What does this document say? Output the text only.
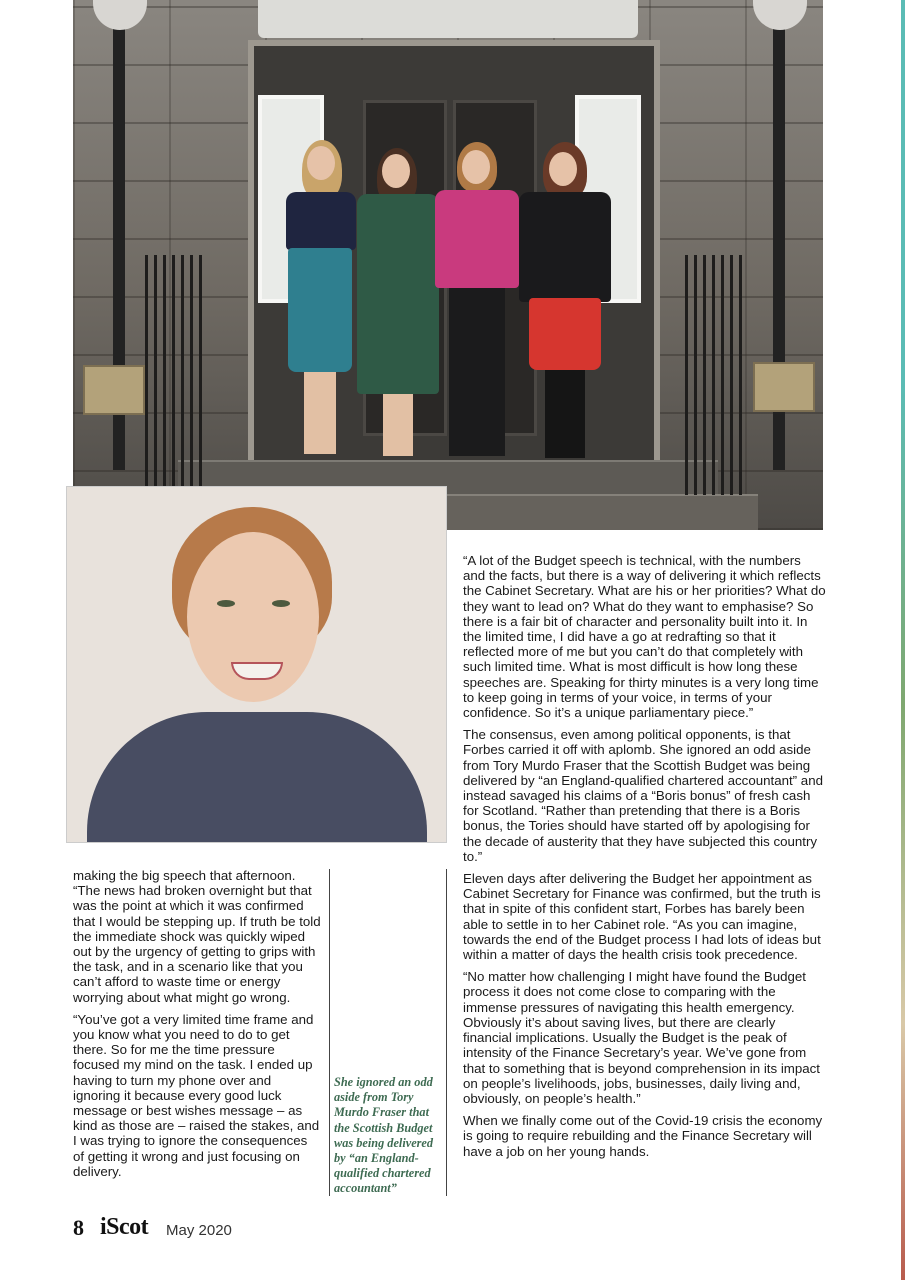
making the big speech that afternoon. “The news had broken overnight but that was the point at which it was confirmed that I would be stepping up. If truth be told the immediate shock was quickly wiped out by the urgency of getting to grips with the task, and in a scenario like that you can’t afford to waste time or energy worrying about what might go wrong.

“You’ve got a very limited time frame and you know what you need to do to get there. So for me the time pressure focused my mind on the task. I ended up having to turn my phone over and ignoring it because every good luck message or best wishes message – as kind as those are – raised the stakes, and I was trying to ignore the consequences of getting it wrong and just focusing on delivery.

She ignored an odd aside from Tory Murdo Fraser that the Scottish Budget was being delivered by “an England-qualified chartered accountant”

“A lot of the Budget speech is technical, with the numbers and the facts, but there is a way of delivering it which reflects the Cabinet Secretary. What are his or her priorities? What do they want to lead on? What do they want to emphasise? So there is a fair bit of character and personality built into it. In the limited time, I did have a go at redrafting so that it reflected more of me but you can’t do that completely with such limited time. What is most difficult is how long these speeches are. Speaking for thirty minutes is a very long time to keep going in terms of your voice, in terms of your confidence. So it’s a unique parliamentary piece.”

The consensus, even among political opponents, is that Forbes carried it off with aplomb. She ignored an odd aside from Tory Murdo Fraser that the Scottish Budget was being delivered by “an England-qualified chartered accountant” and instead savaged his claims of a “Boris bonus” of fresh cash for Scotland. “Rather than pretending that there is a Boris bonus, the Tories should have started off by apologising for the decade of austerity that they have subjected this country to.”

Eleven days after delivering the Budget her appointment as Cabinet Secretary for Finance was confirmed, but the truth is that in spite of this confident start, Forbes has barely been able to settle in to her Cabinet role. “As you can imagine, towards the end of the Budget process I had lots of ideas but within a matter of days the health crisis took precedence.

“No matter how challenging I might have found the Budget process it does not come close to comparing with the immense pressures of navigating this health emergency. Obviously it’s about saving lives, but there are clearly financial implications. Usually the Budget is the peak of intensity of the Finance Secretary’s year. We’ve gone from that to something that is beyond comprehension in its impact on people’s livelihoods, jobs, businesses, daily living and, obviously, on people’s health.”

When we finally come out of the Covid-19 crisis the economy is going to require rebuilding and the Finance Secretary will have a job on her young hands.

8 iScot May 2020
